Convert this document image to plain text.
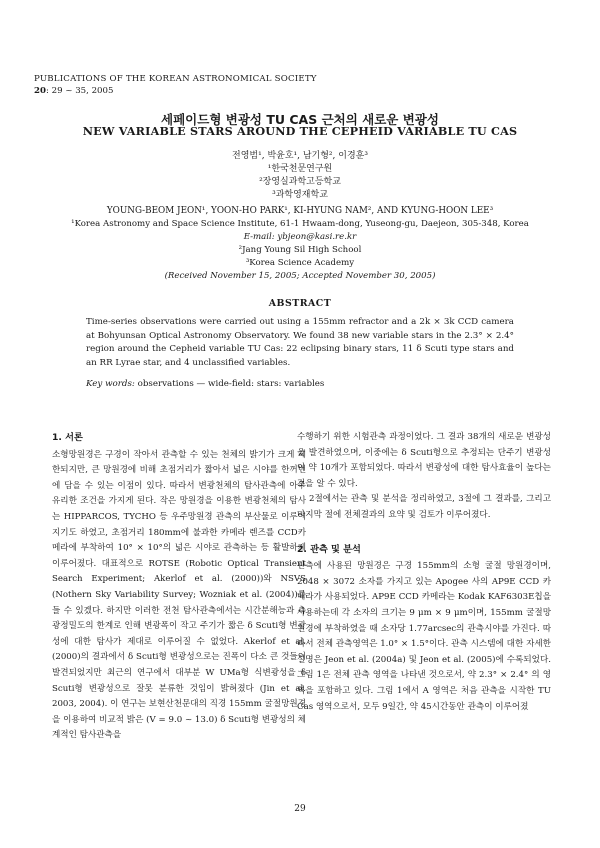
PUBLICATIONS OF THE KOREAN ASTRONOMICAL SOCIETY
20: 29 ~ 35, 2005
세페이드형 변광성 TU CAS 근처의 새로운 변광성
NEW VARIABLE STARS AROUND THE CEPHEID VARIABLE TU CAS
전영범¹, 박윤호¹, 남기형², 이경훈³
¹한국천문연구원
²장영실과학고등학교
³과학영재학교
YOUNG-BEOM JEON¹, YOON-HO PARK¹, KI-HYUNG NAM², AND KYUNG-HOON LEE³
¹Korea Astronomy and Space Science Institute, 61-1 Hwaam-dong, Yuseong-gu, Daejeon, 305-348, Korea
E-mail: ybjeon@kasi.re.kr
²Jang Young Sil High School
³Korea Science Academy
(Received November 15, 2005; Accepted November 30, 2005)
ABSTRACT
Time-series observations were carried out using a 155mm refractor and a 2k × 3k CCD camera at Bohyunsan Optical Astronomy Observatory. We found 38 new variable stars in the 2.3° × 2.4° region around the Cepheid variable TU Cas: 22 eclipsing binary stars, 11 δ Scuti type stars and an RR Lyrae star, and 4 unclassified variables.
Key words: observations — wide-field: stars: variables
1. 서론

소형망원경은 구경이 작아서 관측할 수 있는 천체의 밝기가 크게 제한되지만, 큰 망원경에 비해 초점거리가 짧아서 넓은 시야를 한꺼번에 담을 수 있는 이점이 있다. 따라서 변광천체의 탐사관측에 아주 유리한 조건을 가지게 된다. 작은 망원경을 이용한 변광천체의 탐사는 HIPPARCOS, TYCHO 등 우주망원경 관측의 부산물로 이루어지기도 하였고, 초점거리 180mm에 불과한 카메라 렌즈를 CCD카메라에 부착하여 10° × 10°의 넓은 시야로 관측하는 등 활발하게 이루어졌다. 대표적으로 ROTSE (Robotic Optical Transient Search Experiment; Akerlof et al. (2000))와 NSVS (Nothern Sky Variability Survey; Wozniak et al. (2004))를 들 수 있겠다. 하지만 이러한 전천 탐사관측에서는 시간분해능과 측광정밀도의 한계로 인해 변광폭이 작고 주기가 짧은 δ Scuti형 변광성에 대한 탐사가 제대로 이루어질 수 없었다. Akerlof et al. (2000)의 결과에서 δ Scuti형 변광성으로는 진폭이 다소 큰 것들이 발견되었지만 최근의 연구에서 대부분 W UMa형 식변광성을 δ Scuti형 변광성으로 잘못 분류한 것임이 밝혀졌다 (Jin et al. 2003, 2004). 이 연구는 보현산천문대의 직경 155mm 굴절망원경을 이용하여 비교적 밝은 (V = 9.0 ~ 13.0) δ Scuti형 변광성의 체계적인 탐사관측을

수행하기 위한 시험관측 과정이었다. 그 결과 38개의 새로운 변광성을 발견하였으며, 이중에는 δ Scuti형으로 추정되는 단주기 변광성이 약 10개가 포함되었다. 따라서 변광성에 대한 탐사효율이 높다는 것을 알 수 있다.

2절에서는 관측 및 분석을 정리하였고, 3절에 그 결과를, 그리고 마지막 절에 전체결과의 요약 및 검토가 이루어졌다.

2. 관측 및 분석

관측에 사용된 망원경은 구경 155mm의 소형 굴절 망원경이며, 2048 × 3072 소자를 가지고 있는 Apogee 사의 AP9E CCD 카메라가 사용되었다. AP9E CCD 카메라는 Kodak KAF6303E칩을 사용하는데 각 소자의 크기는 9 μm × 9 μm이며, 155mm 굴절망원경에 부착하였을 때 소자당 1.77arcsec의 관측시야를 가진다. 따라서 전체 관측영역은 1.0° × 1.5°이다. 관측 시스템에 대한 자세한 설명은 Jeon et al. (2004a) 및 Jeon et al. (2005)에 수록되었다. 그림 1은 전체 관측 영역을 나타낸 것으로서, 약 2.3° × 2.4° 의 영역을 포함하고 있다. 그림 1에서 A 영역은 처음 관측을 시작한 TU Cas 영역으로서, 모두 9일간, 약 45시간동안 관측이 이루어졌

29
